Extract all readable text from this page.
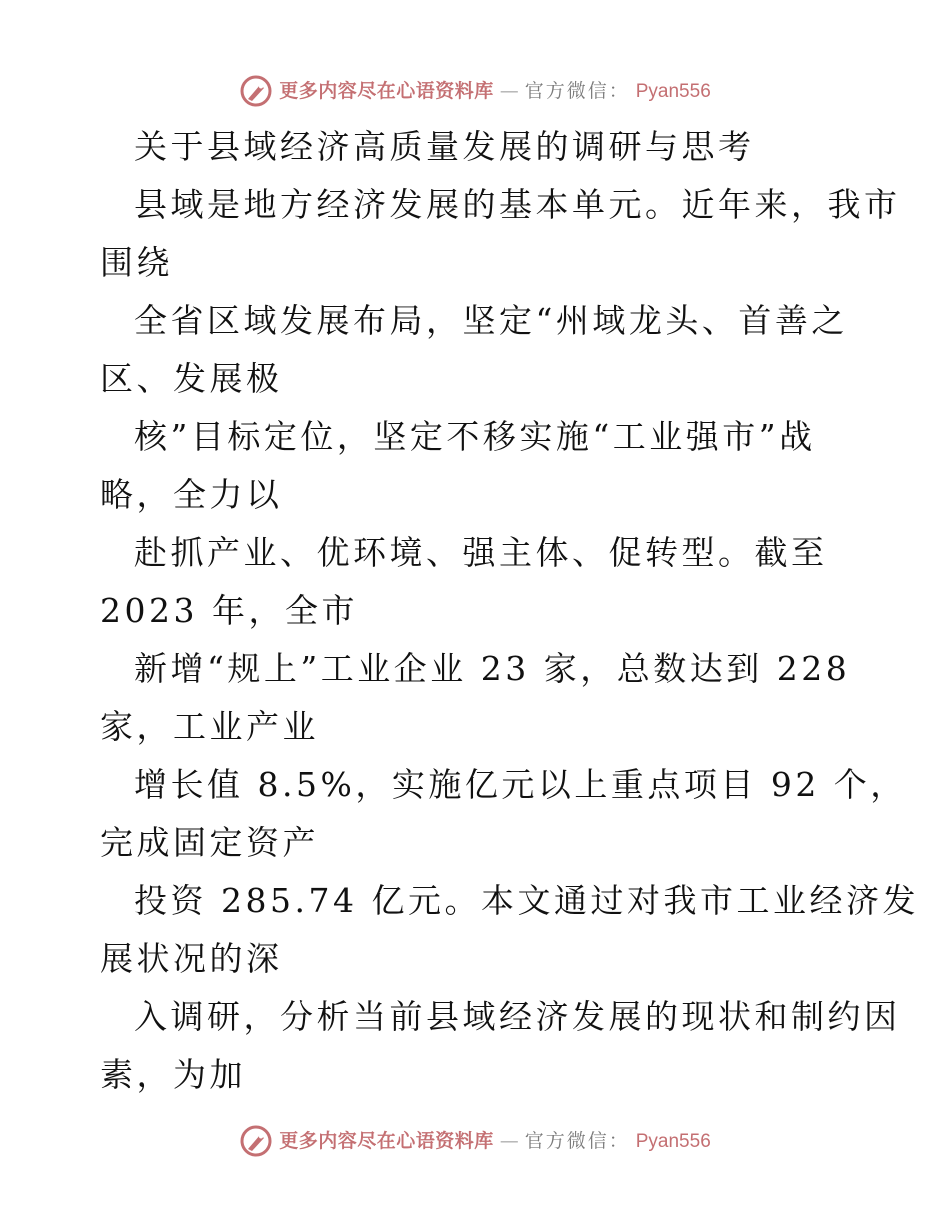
更多内容尽在心语资料库 — 官方微信： Pyan556
关于县域经济高质量发展的调研与思考
县域是地方经济发展的基本单元。近年来，我市
围绕
全省区域发展布局，坚定“州域龙头、首善之
区、发展极
核”目标定位，坚定不移实施“工业强市”战
略，全力以
赴抓产业、优环境、强主体、促转型。截至
2023 年，全市
新增“规上”工业企业 23 家，总数达到 228
家，工业产业
增长值 8.5%，实施亿元以上重点项目 92 个，
完成固定资产
投资 285.74 亿元。本文通过对我市工业经济发
展状况的深
入调研，分析当前县域经济发展的现状和制约因
素，为加
更多内容尽在心语资料库 — 官方微信： Pyan556
